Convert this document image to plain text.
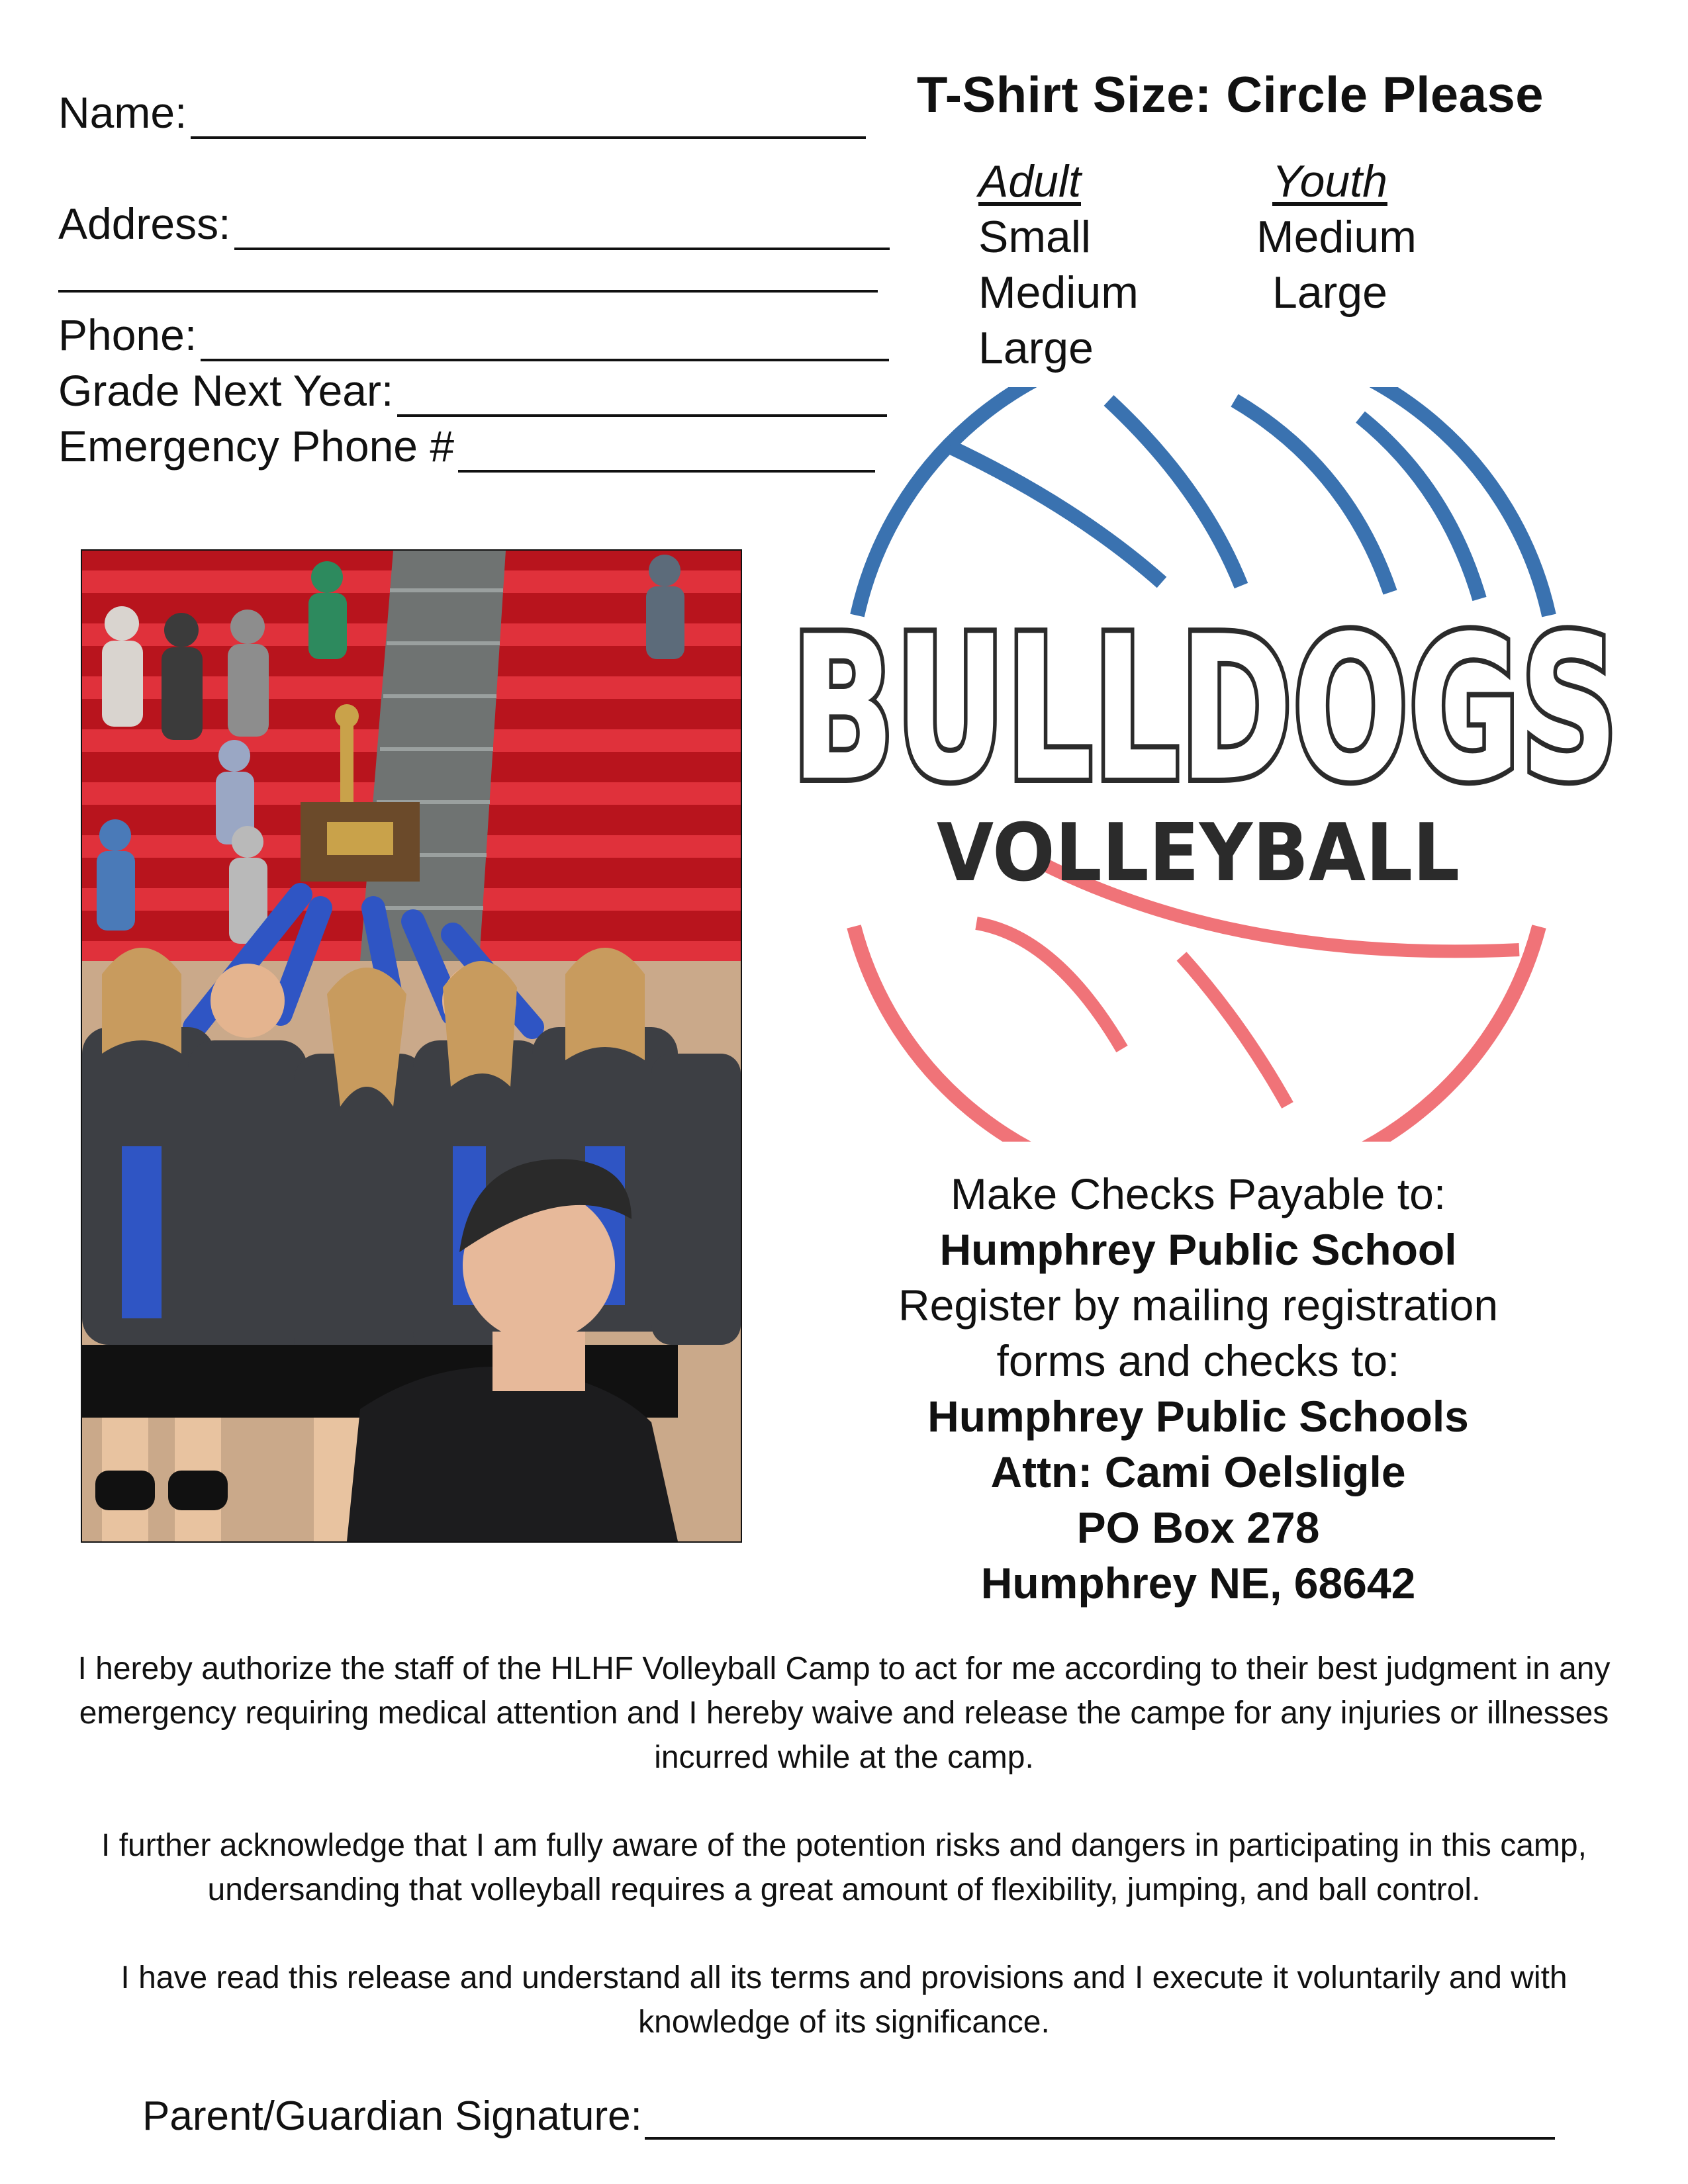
Name:
Address:
Phone:
Grade Next Year:
Emergency Phone #
T-Shirt Size: Circle Please
Adult
Small
Medium
Large
Youth
Medium
Large
BULLDOGS
VOLLEYBALL
Make Checks Payable to:
Humphrey Public School
Register by mailing registration
forms and checks to:
Humphrey Public Schools
Attn: Cami Oelsligle
PO Box 278
Humphrey NE, 68642
I hereby authorize the staff of the HLHF Volleyball Camp to act for me according to their best judgment in any emergency requiring medical attention and I hereby waive and release the campe for any injuries or illnesses incurred while at the camp.
I further acknowledge that I am fully aware of the potention risks and dangers in participating in this camp, undersanding that volleyball requires a great amount of flexibility, jumping, and ball control.
I have read this release and understand all its terms and provisions and I execute it voluntarily and with knowledge of its significance.
Parent/Guardian Signature:
